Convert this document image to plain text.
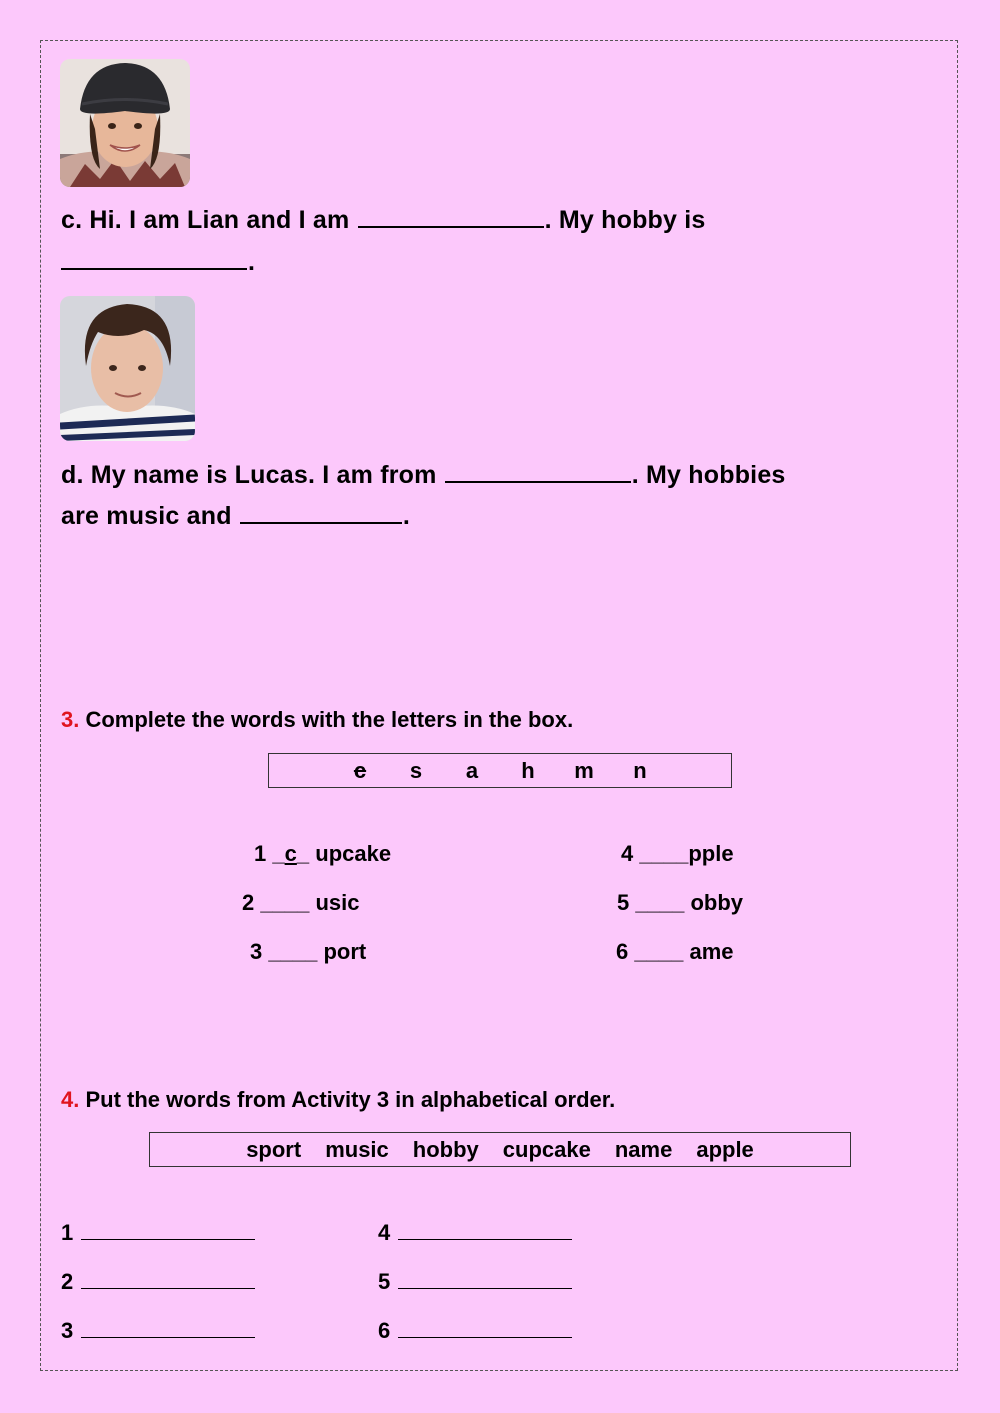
c. Hi. I am Lian and I am	. My hobby is
.
d. My name is Lucas. I am from	. My hobbies
are music and	.
3. Complete the words with the letters in the box.
c	s	a	h	m	n
1 _c_ upcake
2 ____ usic
3 ____ port
4 ____pple
5 ____ obby
6 ____ ame
4. Put the words from Activity 3 in alphabetical order.
sport music hobby cupcake name apple
1
2
3
4
5
6
